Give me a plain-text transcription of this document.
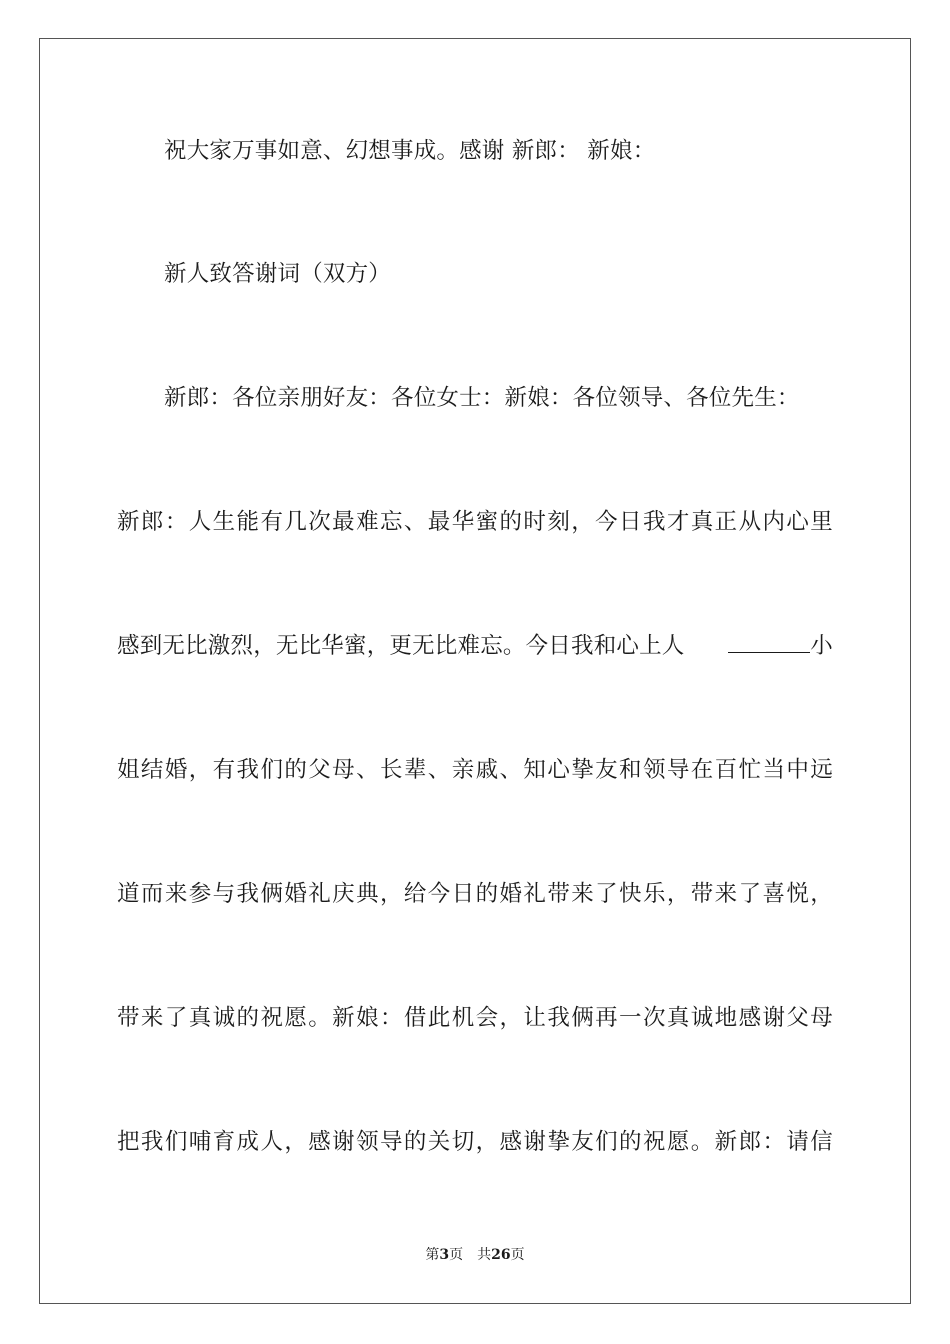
祝大家万事如意、幻想事成。感谢 新郎： 新娘：
新人致答谢词（双方）
新郎：各位亲朋好友：各位女士：新娘：各位领导、各位先生：
新郎：人生能有几次最难忘、最华蜜的时刻，今日我才真正从内心里
感到无比激烈，无比华蜜，更无比难忘。今日我和心上人	小
姐结婚，有我们的父母、长辈、亲戚、知心挚友和领导在百忙当中远
道而来参与我俩婚礼庆典，给今日的婚礼带来了快乐，带来了喜悦，
带来了真诚的祝愿。新娘：借此机会，让我俩再一次真诚地感谢父母
把我们哺育成人，感谢领导的关切，感谢挚友们的祝愿。新郎：请信
第3页 共26页
